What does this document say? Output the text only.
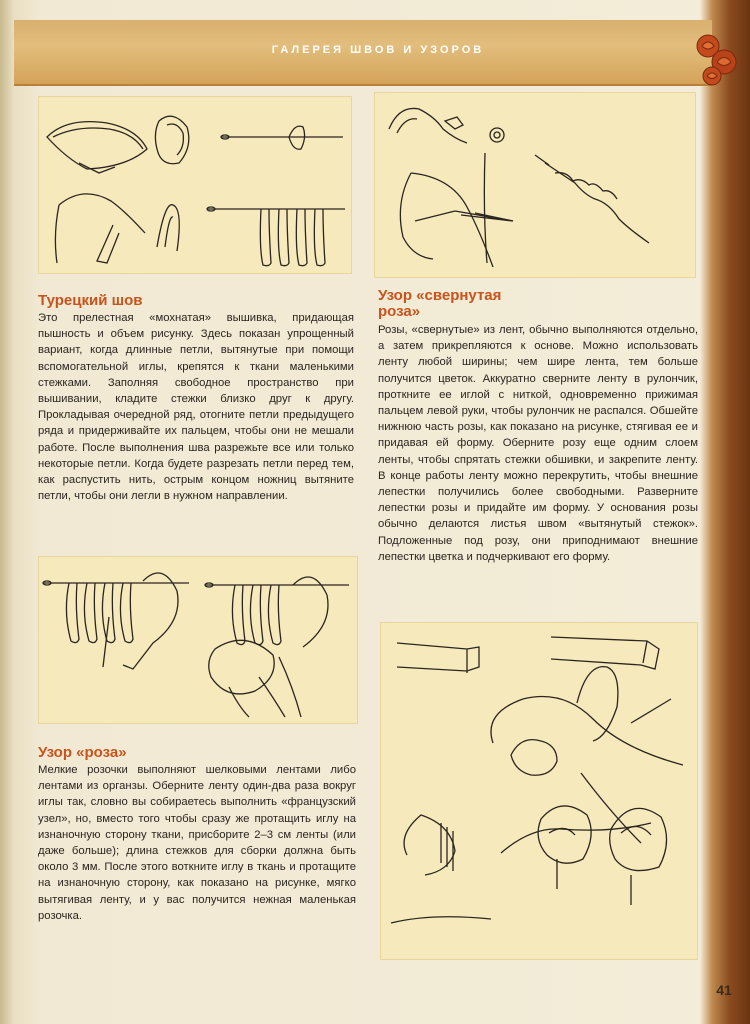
ГАЛЕРЕЯ ШВОВ И УЗОРОВ
Турецкий шов

Это прелестная «мохнатая» вышивка, придающая пышность и объем рисунку. Здесь показан упрощенный вариант, когда длинные петли, вытянутые при помощи вспомогательной иглы, крепятся к ткани маленькими стежками. Заполняя свободное пространство при вышивании, кладите стежки близко друг к другу. Прокладывая очередной ряд, отогните петли предыдущего ряда и придерживайте их пальцем, чтобы они не мешали работе. После выполнения шва разрежьте все или только некоторые петли. Когда будете разрезать петли перед тем, как распустить нить, острым концом ножниц вытяните петли, чтобы они легли в нужном направлении.

Узор «свернутая
роза»

Розы, «свернутые» из лент, обычно выполняются отдельно, а затем прикрепляются к основе. Можно использовать ленту любой ширины; чем шире лента, тем больше получится цветок. Аккуратно сверните ленту в рулончик, проткните ее иглой с ниткой, одновременно прижимая пальцем левой руки, чтобы рулончик не распался. Обшейте нижнюю часть розы, как показано на рисунке, стягивая ее и придавая ей форму. Оберните розу еще одним слоем ленты, чтобы спрятать стежки обшивки, и закрепите ленту. В конце работы ленту можно перекрутить, чтобы внешние лепестки получились более свободными. Разверните лепестки розы и придайте им форму. У основания розы обычно делаются листья швом «вытянутый стежок». Подложенные под розу, они приподнимают внешние лепестки цветка и подчеркивают его форму.

Узор «роза»

Мелкие розочки выполняют шелковыми лентами либо лентами из органзы. Оберните ленту один-два раза вокруг иглы так, словно вы собираетесь выполнить «французский узел», но, вместо того чтобы сразу же протащить иглу на изнаночную сторону ткани, присборите 2–3 см ленты (или даже больше); длина стежков для сборки должна быть около 3 мм. После этого воткните иглу в ткань и протащите на изнаночную сторону, как показано на рисунке, мягко вытягивая ленту, и у вас получится нежная маленькая розочка.

41
